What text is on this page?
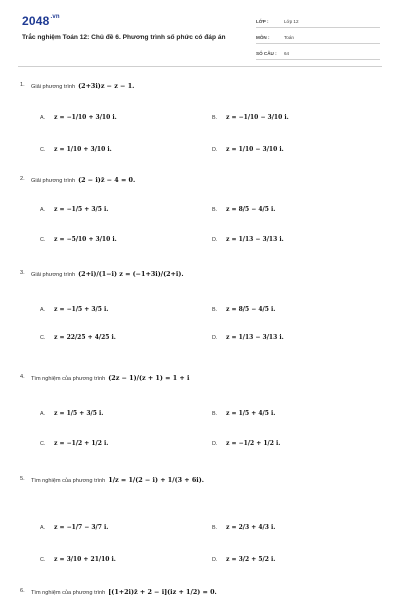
$2048^{.vn}$
Trắc nghiệm Toán 12: Chủ đề 6. Phương trình số phức có đáp án
LỚP :	Lớp 12
MÔN :	Toán
SỐ CÂU :	64
1. Giải phương trình (2+3i)z − z − 1.
A. z = −1/10 + 3/10 i.	B. z = −1/10 − 3/10 i.
C. z = 1/10 + 3/10 i.	D. z = 1/10 − 3/10 i.
2. Giải phương trình (2 − i)z̄ − 4 = 0.
A. z = −1/5 + 3/5 i.	B. z = 8/5 − 4/5 i.
C. z = −5/10 + 3/10 i.	D. z = 1/13 − 3/13 i.
3. Giải phương trình (2+i)/(1−i) z = (−1+3i)/(2+i).
A. z = −1/5 + 3/5 i.	B. z = 8/5 − 4/5 i.
C. z = 22/25 + 4/25 i.	D. z = 1/13 − 3/13 i.
4. Tìm nghiệm của phương trình (2z − 1)/(z + 1) = 1 + i
A. z = 1/5 + 3/5 i.	B. z = 1/5 + 4/5 i.
C. z = −1/2 + 1/2 i.	D. z = −1/2 + 1/2 i.
5. Tìm nghiệm của phương trình 1/z = 1/(2 − i) + 1/(3 + 6i).
A. z = −1/7 − 3/7 i.	B. z = 2/3 + 4/3 i.
C. z = 3/10 + 21/10 i.	D. z = 3/2 + 5/2 i.
6. Tìm nghiệm của phương trình [(1+2i)z̄ + 2 − i](iz + 1/2) = 0.
